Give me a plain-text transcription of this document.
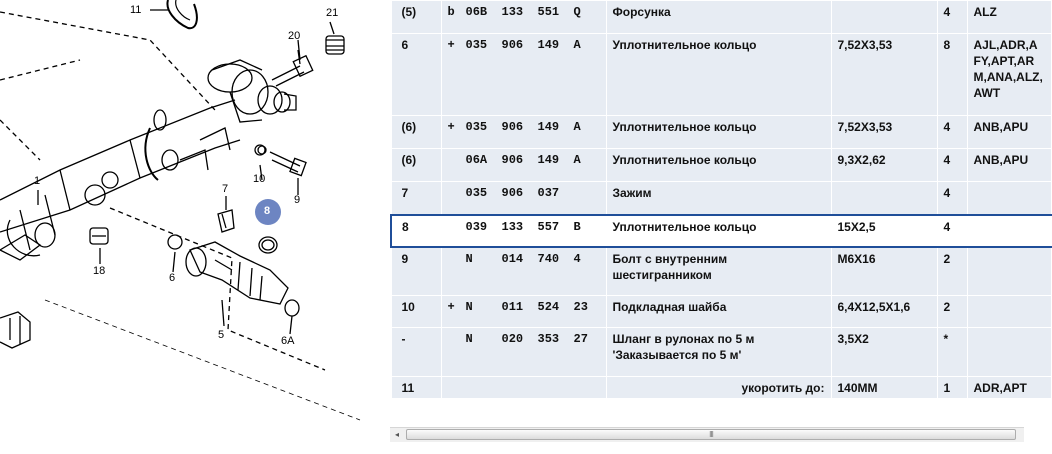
11	21
20
1	10
9
7
8
18
6
5	6A

(5)	b 06B 133 551 Q	Форсунка		4	ALZ
6	+ 035 906 149 A	Уплотнительное кольцо	7,52X3,53	8	AJL,ADR,AFY,APT,ARM,ANA,ALZ,AWT
(6)	+ 035 906 149 A	Уплотнительное кольцо	7,52X3,53	4	ANB,APU
(6)	06A 906 149 A	Уплотнительное кольцо	9,3X2,62	4	ANB,APU
7	035 906 037	Зажим		4	
8	039 133 557 B	Уплотнительное кольцо	15X2,5	4	
9	N 014 740 4	Болт с внутренним шестигранником	M6X16	2	
10	+ N 011 524 23	Подкладная шайба	6,4X12,5X1,6	2	
-	N 020 353 27	Шланг в рулонах по 5 м 'Заказывается по 5 м'	3,5X2	*	
11		укоротить до:	140MM	1	ADR,APT
◂	III
